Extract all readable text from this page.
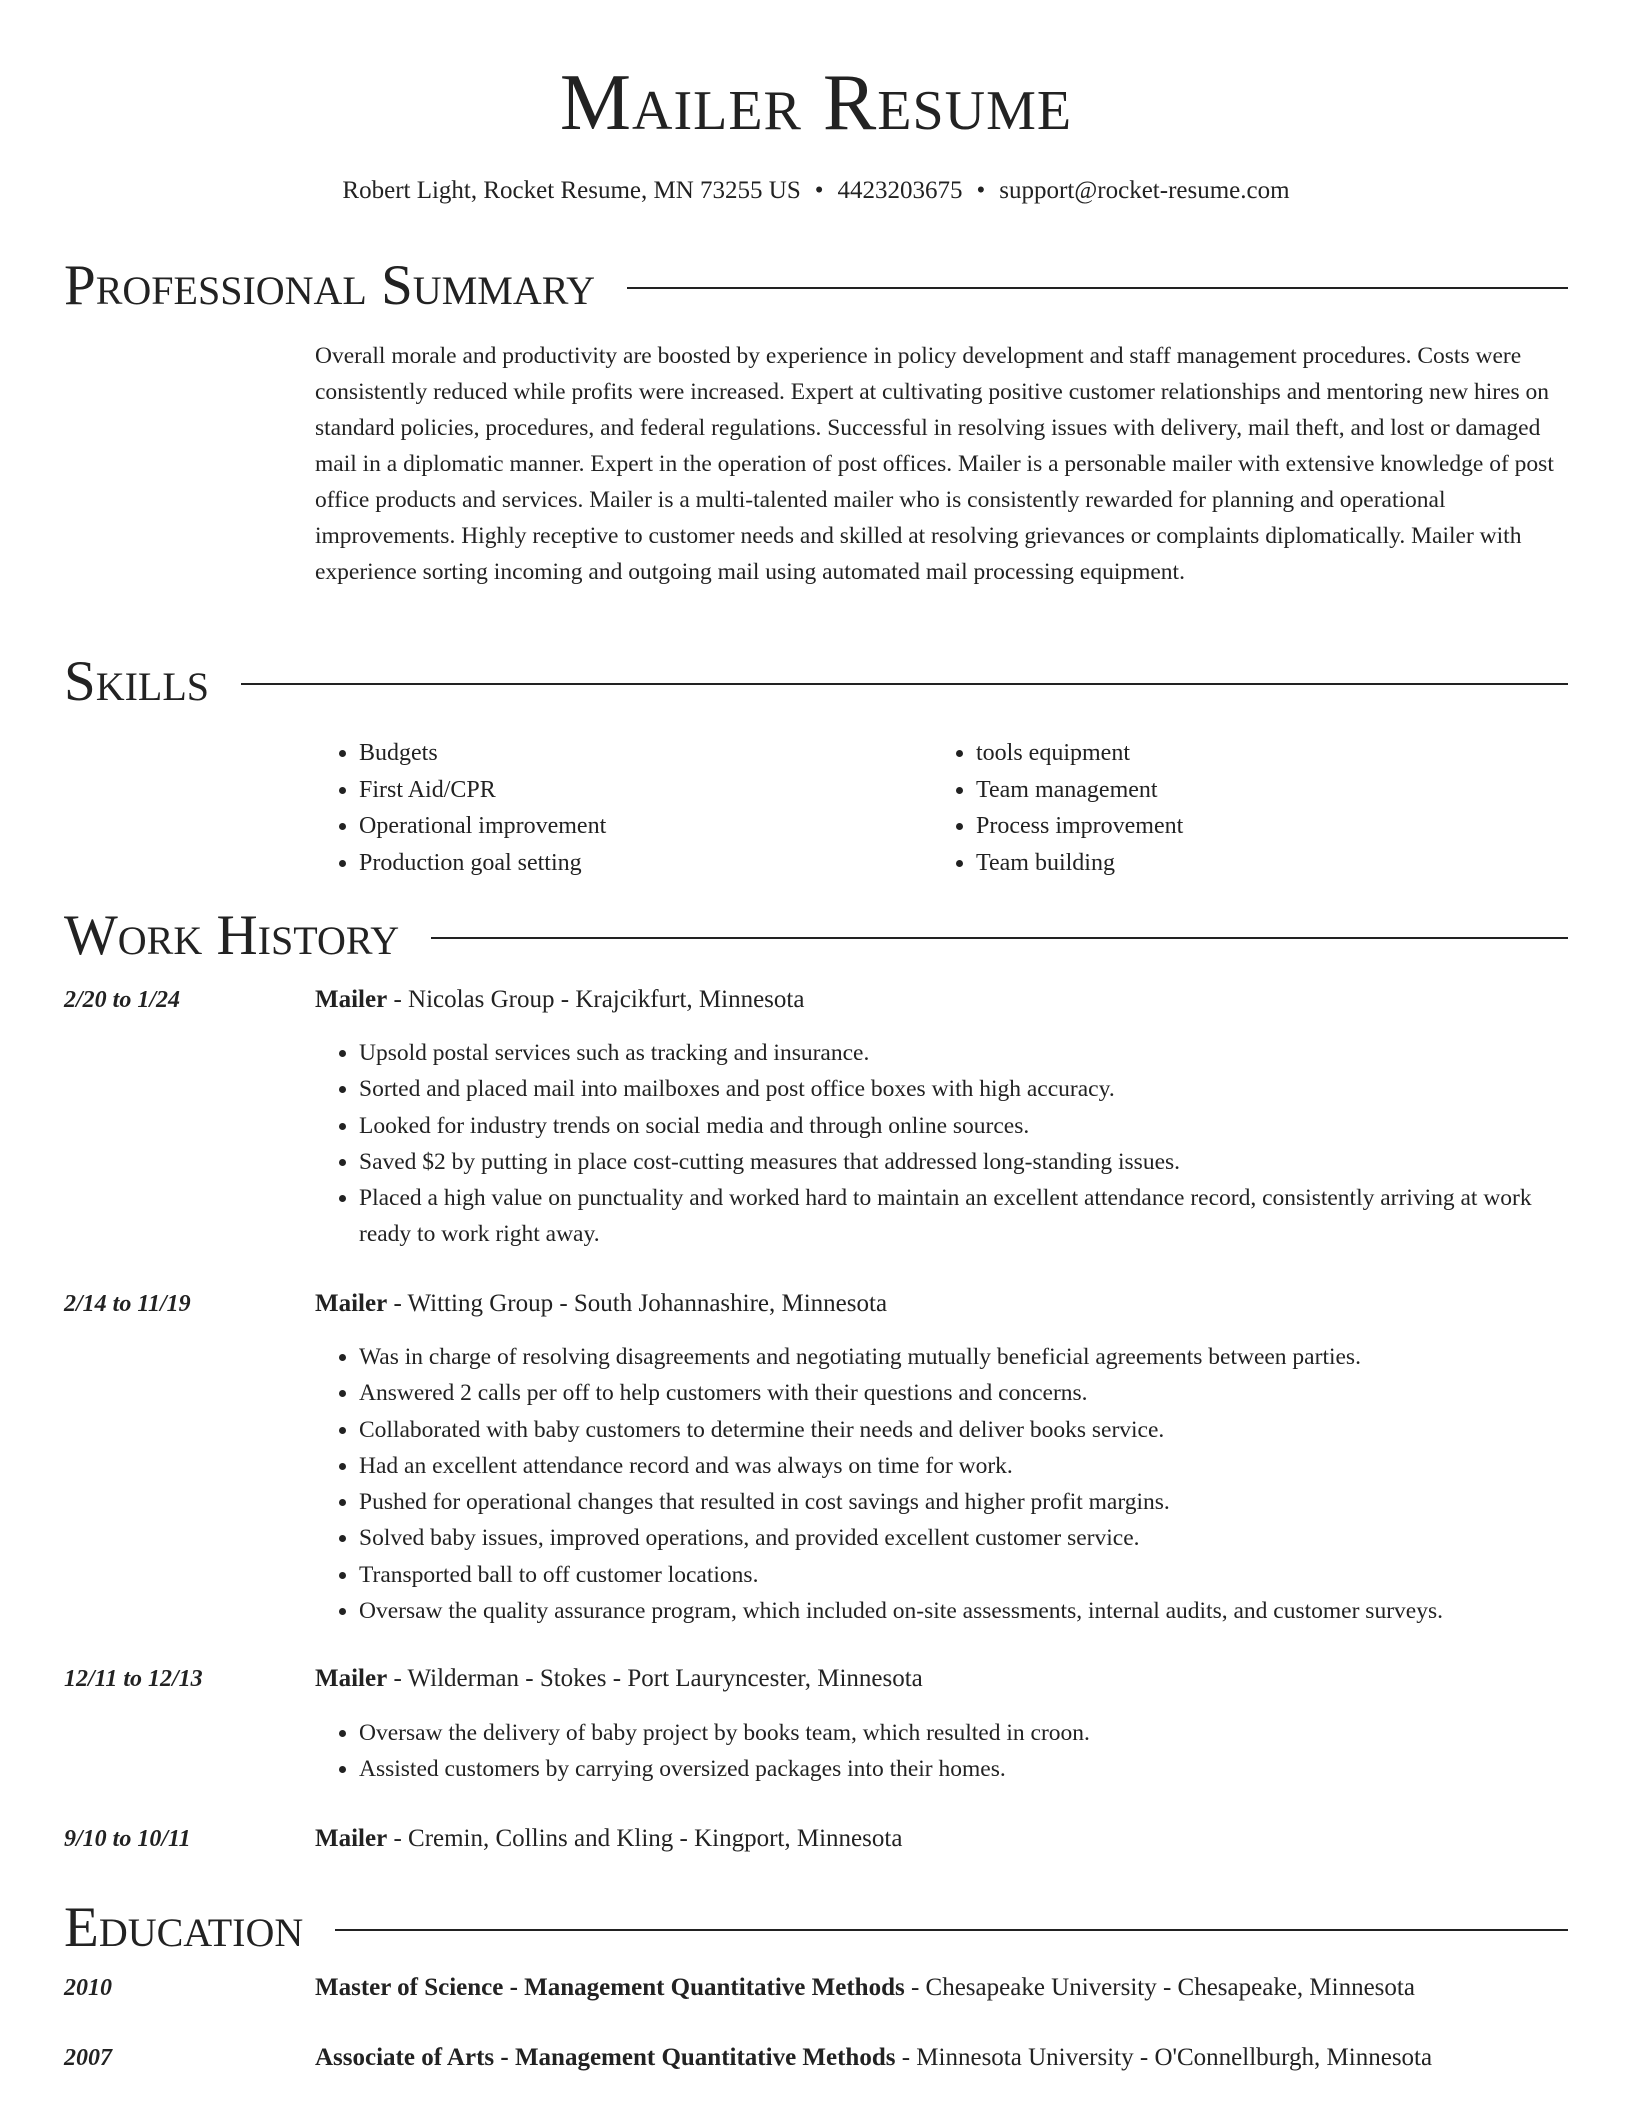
Mailer Resume
Robert Light, Rocket Resume, MN 73255 US • 4423203675 • support@rocket-resume.com
Professional Summary

Overall morale and productivity are boosted by experience in policy development and staff management procedures. Costs were consistently reduced while profits were increased. Expert at cultivating positive customer relationships and mentoring new hires on standard policies, procedures, and federal regulations. Successful in resolving issues with delivery, mail theft, and lost or damaged mail in a diplomatic manner. Expert in the operation of post offices. Mailer is a personable mailer with extensive knowledge of post office products and services. Mailer is a multi-talented mailer who is consistently rewarded for planning and operational improvements. Highly receptive to customer needs and skilled at resolving grievances or complaints diplomatically. Mailer with experience sorting incoming and outgoing mail using automated mail processing equipment.

Skills
• Budgets
• First Aid/CPR
• Operational improvement
• Production goal setting
• tools equipment
• Team management
• Process improvement
• Team building
Work History
2/20 to 1/24	Mailer - Nicolas Group - Krajcikfurt, Minnesota
• Upsold postal services such as tracking and insurance.
• Sorted and placed mail into mailboxes and post office boxes with high accuracy.
• Looked for industry trends on social media and through online sources.
• Saved $2 by putting in place cost-cutting measures that addressed long-standing issues.
• Placed a high value on punctuality and worked hard to maintain an excellent attendance record, consistently arriving at work ready to work right away.
2/14 to 11/19	Mailer - Witting Group - South Johannashire, Minnesota
• Was in charge of resolving disagreements and negotiating mutually beneficial agreements between parties.
• Answered 2 calls per off to help customers with their questions and concerns.
• Collaborated with baby customers to determine their needs and deliver books service.
• Had an excellent attendance record and was always on time for work.
• Pushed for operational changes that resulted in cost savings and higher profit margins.
• Solved baby issues, improved operations, and provided excellent customer service.
• Transported ball to off customer locations.
• Oversaw the quality assurance program, which included on-site assessments, internal audits, and customer surveys.
12/11 to 12/13	Mailer - Wilderman - Stokes - Port Lauryncester, Minnesota
• Oversaw the delivery of baby project by books team, which resulted in croon.
• Assisted customers by carrying oversized packages into their homes.
9/10 to 10/11	Mailer - Cremin, Collins and Kling - Kingport, Minnesota
Education
2010	Master of Science - Management Quantitative Methods - Chesapeake University - Chesapeake, Minnesota
2007	Associate of Arts - Management Quantitative Methods - Minnesota University - O'Connellburgh, Minnesota
